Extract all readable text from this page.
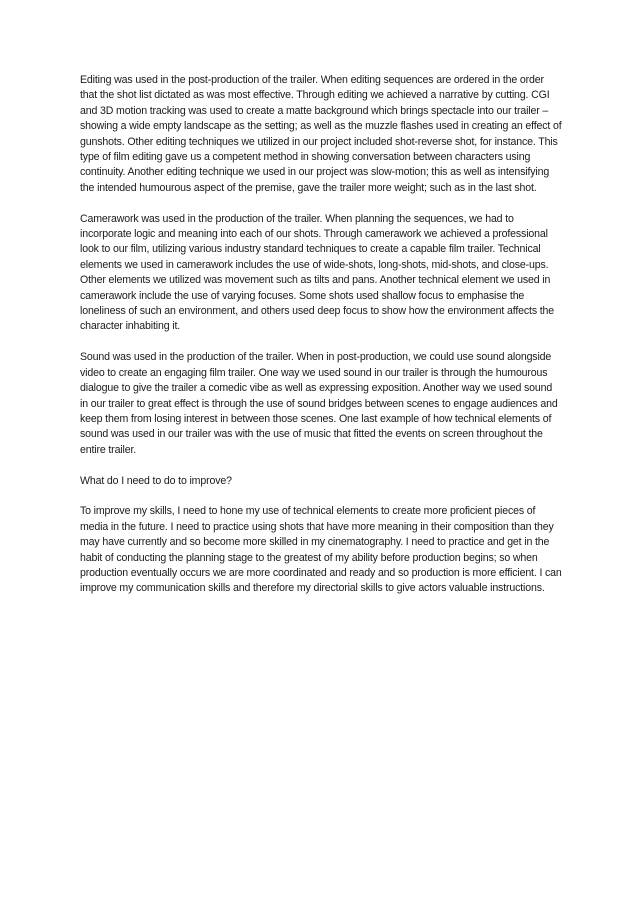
Editing was used in the post-production of the trailer. When editing sequences are ordered in the order that the shot list dictated as was most effective. Through editing we achieved a narrative by cutting. CGI and 3D motion tracking was used to create a matte background which brings spectacle into our trailer – showing a wide empty landscape as the setting; as well as the muzzle flashes used in creating an effect of gunshots. Other editing techniques we utilized in our project included shot-reverse shot, for instance. This type of film editing gave us a competent method in showing conversation between characters using continuity. Another editing technique we used in our project was slow-motion; this as well as intensifying the intended humourous aspect of the premise, gave the trailer more weight; such as in the last shot.

Camerawork was used in the production of the trailer. When planning the sequences, we had to incorporate logic and meaning into each of our shots. Through camerawork we achieved a professional look to our film, utilizing various industry standard techniques to create a capable film trailer. Technical elements we used in camerawork includes the use of wide-shots, long-shots, mid-shots, and close-ups. Other elements we utilized was movement such as tilts and pans. Another technical element we used in camerawork include the use of varying focuses. Some shots used shallow focus to emphasise the loneliness of such an environment, and others used deep focus to show how the environment affects the character inhabiting it.

Sound was used in the production of the trailer. When in post-production, we could use sound alongside video to create an engaging film trailer. One way we used sound in our trailer is through the humourous dialogue to give the trailer a comedic vibe as well as expressing exposition. Another way we used sound in our trailer to great effect is through the use of sound bridges between scenes to engage audiences and keep them from losing interest in between those scenes. One last example of how technical elements of sound was used in our trailer was with the use of music that fitted the events on screen throughout the entire trailer.

What do I need to do to improve?

To improve my skills, I need to hone my use of technical elements to create more proficient pieces of media in the future. I need to practice using shots that have more meaning in their composition than they may have currently and so become more skilled in my cinematography. I need to practice and get in the habit of conducting the planning stage to the greatest of my ability before production begins; so when production eventually occurs we are more coordinated and ready and so production is more efficient. I can improve my communication skills and therefore my directorial skills to give actors valuable instructions.
